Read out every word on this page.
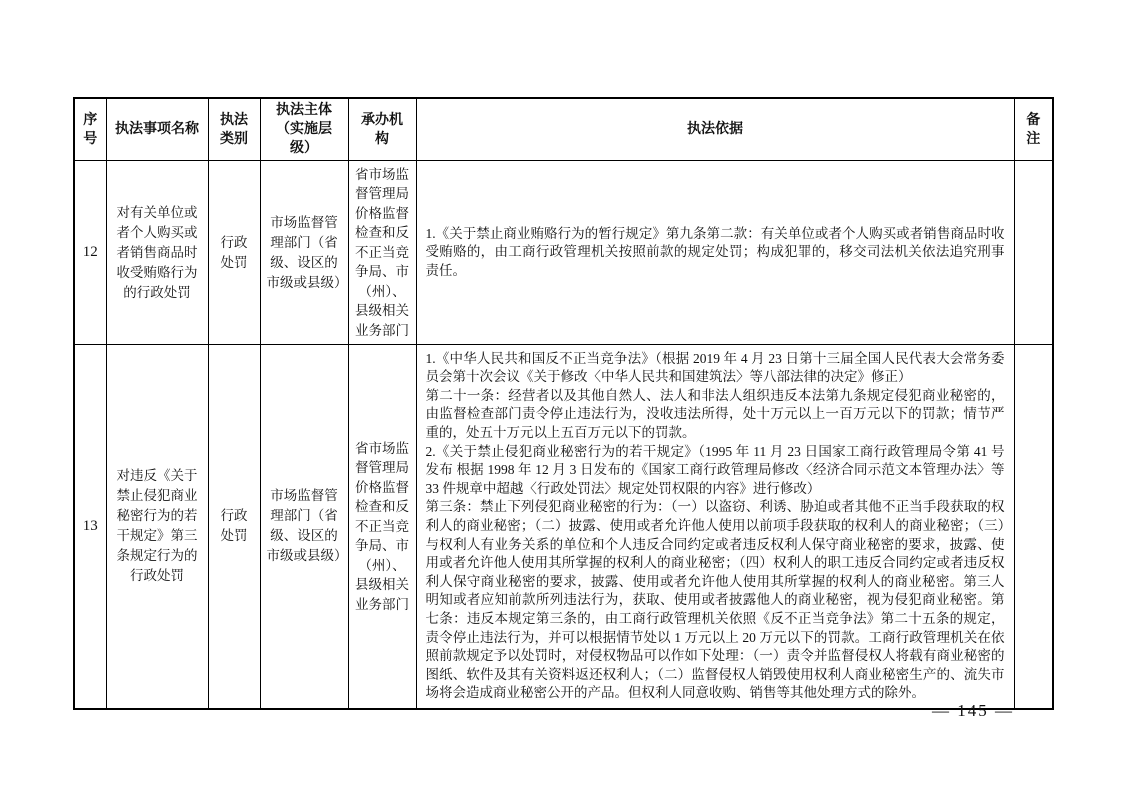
序号	执法事项名称	执法类别	执法主体（实施层级）	承办机构	执法依据	备注
12	对有关单位或者个人购买或者销售商品时收受贿赂行为的行政处罚	行政处罚	市场监督管理部门（省级、设区的市级或县级）	省市场监督管理局价格监督检查和反不正当竞争局、市（州）、县级相关业务部门	1.《关于禁止商业贿赂行为的暂行规定》第九条第二款：有关单位或者个人购买或者销售商品时收受贿赂的，由工商行政管理机关按照前款的规定处罚；构成犯罪的，移交司法机关依法追究刑事责任。	

13	对违反《关于禁止侵犯商业秘密行为的若干规定》第三条规定行为的行政处罚	行政处罚	市场监督管理部门（省级、设区的市级或县级）	省市场监督管理局价格监督检查和反不正当竞争局、市（州）、县级相关业务部门	1.《中华人民共和国反不正当竞争法》（根据 2019 年 4 月 23 日第十三届全国人民代表大会常务委员会第十次会议《关于修改〈中华人民共和国建筑法〉等八部法律的决定》修正）

第二十一条：经营者以及其他自然人、法人和非法人组织违反本法第九条规定侵犯商业秘密的，由监督检查部门责令停止违法行为，没收违法所得，处十万元以上一百万元以下的罚款；情节严重的，处五十万元以上五百万元以下的罚款。

2.《关于禁止侵犯商业秘密行为的若干规定》（1995 年 11 月 23 日国家工商行政管理局令第 41 号发布 根据 1998 年 12 月 3 日发布的《国家工商行政管理局修改〈经济合同示范文本管理办法〉等 33 件规章中超越〈行政处罚法〉规定处罚权限的内容》进行修改）

第三条：禁止下列侵犯商业秘密的行为：（一）以盗窃、利诱、胁迫或者其他不正当手段获取的权利人的商业秘密；（二）披露、使用或者允许他人使用以前项手段获取的权利人的商业秘密；（三）与权利人有业务关系的单位和个人违反合同约定或者违反权利人保守商业秘密的要求，披露、使用或者允许他人使用其所掌握的权利人的商业秘密；（四）权利人的职工违反合同约定或者违反权利人保守商业秘密的要求，披露、使用或者允许他人使用其所掌握的权利人的商业秘密。第三人明知或者应知前款所列违法行为，获取、使用或者披露他人的商业秘密，视为侵犯商业秘密。第七条：违反本规定第三条的，由工商行政管理机关依照《反不正当竞争法》第二十五条的规定，责令停止违法行为，并可以根据情节处以 1 万元以上 20 万元以下的罚款。工商行政管理机关在依照前款规定予以处罚时，对侵权物品可以作如下处理：（一）责令并监督侵权人将载有商业秘密的图纸、软件及其有关资料返还权利人；（二）监督侵权人销毁使用权利人商业秘密生产的、流失市场将会造成商业秘密公开的产品。但权利人同意收购、销售等其他处理方式的除外。	

— 145 —
